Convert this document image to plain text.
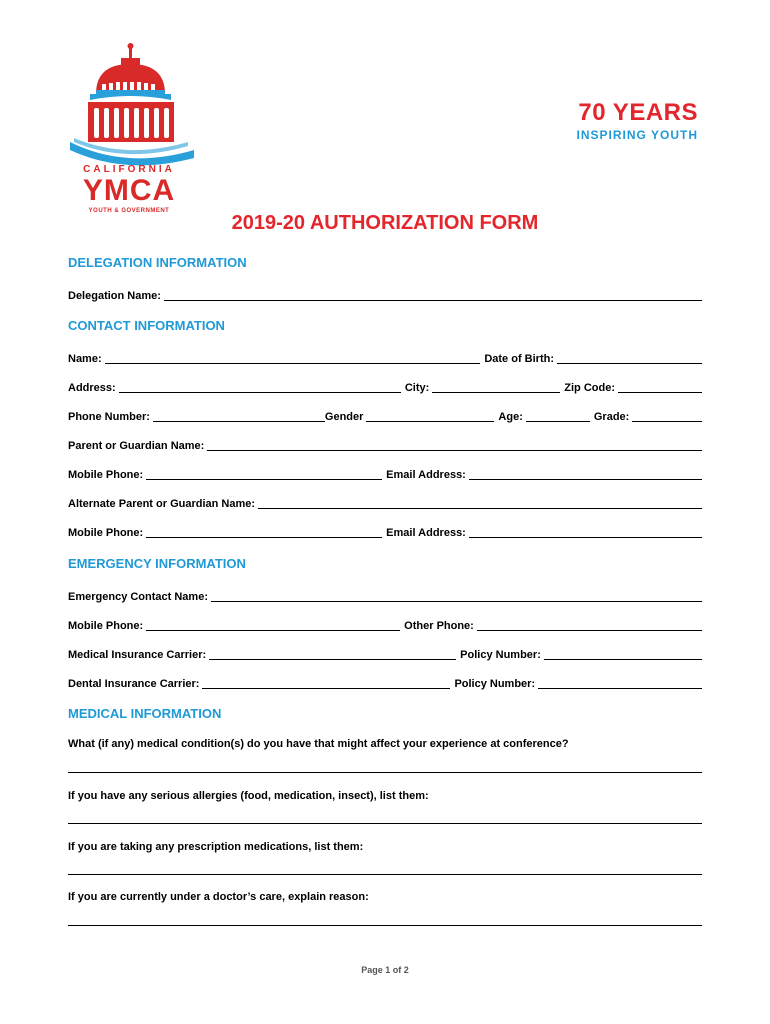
CALIFORNIA
YMCA
YOUTH & GOVERNMENT
70 YEARS
INSPIRING YOUTH
2019-20 AUTHORIZATION FORM
DELEGATION INFORMATION
Delegation Name:
CONTACT INFORMATION
Name:	Date of Birth:
Address:	City:	Zip Code:
Phone Number:	Gender	Age:	Grade:
Parent or Guardian Name:
Mobile Phone:	Email Address:
Alternate Parent or Guardian Name:
Mobile Phone:	Email Address:
EMERGENCY INFORMATION
Emergency Contact Name:
Mobile Phone:	Other Phone:
Medical Insurance Carrier:	Policy Number:
Dental Insurance Carrier:	Policy Number:
MEDICAL INFORMATION
What (if any) medical condition(s) do you have that might affect your experience at conference?
If you have any serious allergies (food, medication, insect), list them:
If you are taking any prescription medications, list them:
If you are currently under a doctor’s care, explain reason:
Page 1 of 2
